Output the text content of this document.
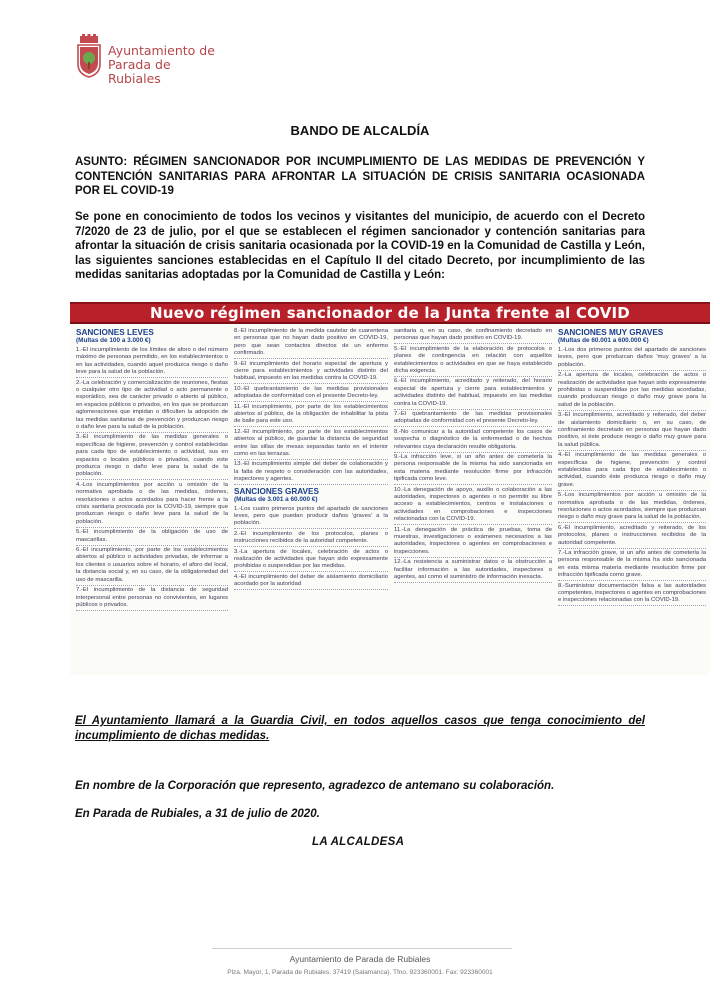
Ayuntamiento de
Parada de Rubiales
BANDO DE ALCALDÍA
ASUNTO: RÉGIMEN SANCIONADOR POR INCUMPLIMIENTO DE LAS MEDIDAS DE PREVENCIÓN Y CONTENCIÓN SANITARIAS PARA AFRONTAR LA SITUACIÓN DE CRISIS SANITARIA OCASIONADA POR EL COVID-19
Se pone en conocimiento de todos los vecinos y visitantes del municipio, de acuerdo con el Decreto 7/2020 de 23 de julio, por el que se establecen el régimen sancionador y contención sanitarias para afrontar la situación de crisis sanitaria ocasionada por la COVID-19 en la Comunidad de Castilla y León, las siguientes sanciones establecidas en el Capítulo II del citado Decreto, por incumplimiento de las medidas sanitarias adoptadas por la Comunidad de Castilla y León:
Nuevo régimen sancionador de la Junta frente al COVID
SANCIONES LEVES
(Multas de 100 a 3.000 €)

1.-El incumplimiento de los límites de aforo o del número máximo de personas permitido, en los establecimientos o en las actividades, cuando aquel produzca riesgo o daño leve para la salud de la población.

2.-La celebración y comercialización de reuniones, fiestas o cualquier otro tipo de actividad o acto permanente o esporádico, sea de carácter privado o abierto al público, en espacios públicos o privados, en los que se produzcan aglomeraciones que impidan o dificulten la adopción de las medidas sanitarias de prevención y produzcan riesgo o daño leve para la salud de la población.

3.-El incumplimiento de las medidas generales o específicas de higiene, prevención y control establecidas para cada tipo de establecimiento o actividad, sus en espacios o locales públicos o privados, cuando este produzca riesgo o daño leve para la salud de la población.

4.-Los incumplimientos por acción u omisión de la normativa aprobada o de las medidas, órdenes, resoluciones o actos acordados para hacer frente a la crisis sanitaria provocada por la COVID-19, siempre que produzcan riesgo o daño leve para la salud de la población.

5.-El incumplimiento de la obligación de uso de mascarillas.

6.-El incumplimiento, por parte de los establecimientos abiertos al público o actividades privadas, de informar a los clientes o usuarios sobre el horario, el aforo del local, la distancia social y, en su caso, de la obligatoriedad del uso de mascarilla.

7.-El incumplimiento de la distancia de seguridad interpersonal entre personas no convivientes, en lugares públicos o privados.

8.-El incumplimiento de la medida cautelar de cuarentena en personas que no hayan dado positivo en COVID-19, pero que sean contactos directos de un enfermo confirmado.

9.-El incumplimiento del horario especial de apertura y cierre para establecimientos y actividades distinto del habitual, impuesto en las medidas contra la COVID-19.

10.-El quebrantamiento de las medidas provisionales adoptadas de conformidad con el presente Decreto-ley.

11.-El incumplimiento, por parte de los establecimientos abiertos al público, de la obligación de inhabilitar la pista de baile para este uso.

12.-El incumplimiento, por parte de los establecimientos abiertos al público, de guardar la distancia de seguridad entre las sillas de mesas separadas tanto en el interior como en las terrazas.

13.-El incumplimiento simple del deber de colaboración y la falta de respeto o consideración con las autoridades, inspectores y agentes.

SANCIONES GRAVES
(Multas de 3.001 a 60.000 €)

1.-Los cuatro primeros puntos del apartado de sanciones leves, pero que puedan producir daños 'graves' a la población.

2.-El incumplimiento de los protocolos, planes o instrucciones recibidos de la autoridad competente.

3.-La apertura de locales, celebración de actos o realización de actividades que hayan sido expresamente prohibidas o suspendidas por las medidas.

4.-El incumplimiento del deber de aislamiento domiciliario acordado por la autoridad

sanitaria o, en su caso, de confinamiento decretado en personas que hayan dado positivo en COVID-19.

5.-El incumplimiento de la elaboración de protocolos o planes de contingencia en relación con aquellos establecimientos o actividades en que se haya establecido dicha exigencia.

6.-El incumplimiento, acreditado y reiterado, del horario especial de apertura y cierre para establecimientos y actividades distinto del habitual, impuesto en las medidas contra la COVID-19.

7.-El quebrantamiento de las medidas provisionales adoptadas de conformidad con el presente Decreto-ley.

8.-No comunicar a la autoridad competente los casos de sospecha o diagnóstico de la enfermedad o de hechos relevantes cuya declaración resulte obligatoria.

9.-La infracción leve, si un año antes de cometerla la persona responsable de la misma ha sido sancionada en esta materia mediante resolución firme por infracción tipificada como leve.

10.-La denegación de apoyo, auxilio o colaboración a las autoridades, inspectores o agentes o no permitir su libre acceso a establecimientos, centros e instalaciones o actividades en comprobaciones e inspecciones relacionadas con la COVID-19.

11.-La denegación de práctica de pruebas, toma de muestras, investigaciones o exámenes necesarios a las autoridades, inspectores o agentes en comprobaciones e inspecciones.

12.-La resistencia a suministrar datos o la obstrucción a facilitar información a las autoridades, inspectores o agentes, así como el suministro de información inexacta.

SANCIONES MUY GRAVES
(Multas de 60.001 a 600.000 €)

1.-Los dos primeros puntos del apartado de sanciones leves, pero que produzcan daños 'muy graves' a la población.

2.-La apertura de locales, celebración de actos o realización de actividades que hayan sido expresamente prohibidas o suspendidas por las medidas acordadas, cuando produzcan riesgo o daño muy grave para la salud de la población.

3.-El incumplimiento, acreditado y reiterado, del deber de aislamiento domiciliario o, en su caso, de confinamiento decretado en personas que hayan dado positivo, si éste produce riesgo o daño muy grave para la salud pública.

4.-El incumplimiento de las medidas generales o específicas de higiene, prevención y control establecidas para cada tipo de establecimiento o actividad, cuando éste produzca riesgo o daño muy grave.

5.-Los incumplimientos por acción u omisión de la normativa aprobada o de las medidas, órdenes, resoluciones o actos acordados, siempre que produzcan riesgo o daño muy grave para la salud de la población.

6.-El incumplimiento, acreditado y reiterado, de los protocolos, planes o instrucciones recibidos de la autoridad competente.

7.-La infracción grave, si un año antes de cometerla la persona responsable de la misma ha sido sancionada en esta misma materia mediante resolución firme por infracción tipificada como grave.

8.-Suministrar documentación falsa a las autoridades competentes, inspectores o agentes en comprobaciones e inspecciones relacionadas con la COVID-19.

El Ayuntamiento llamará a la Guardia Civil, en todos aquellos casos que tenga conocimiento del incumplimiento de dichas medidas.
En nombre de la Corporación que represento, agradezco de antemano su colaboración.
En Parada de Rubiales, a 31 de julio de 2020.
LA ALCALDESA
Ayuntamiento de Parada de Rubiales
Plza. Mayor, 1, Parada de Rubiales. 37419 (Salamanca). Tfno. 923360001. Fax: 923360001
